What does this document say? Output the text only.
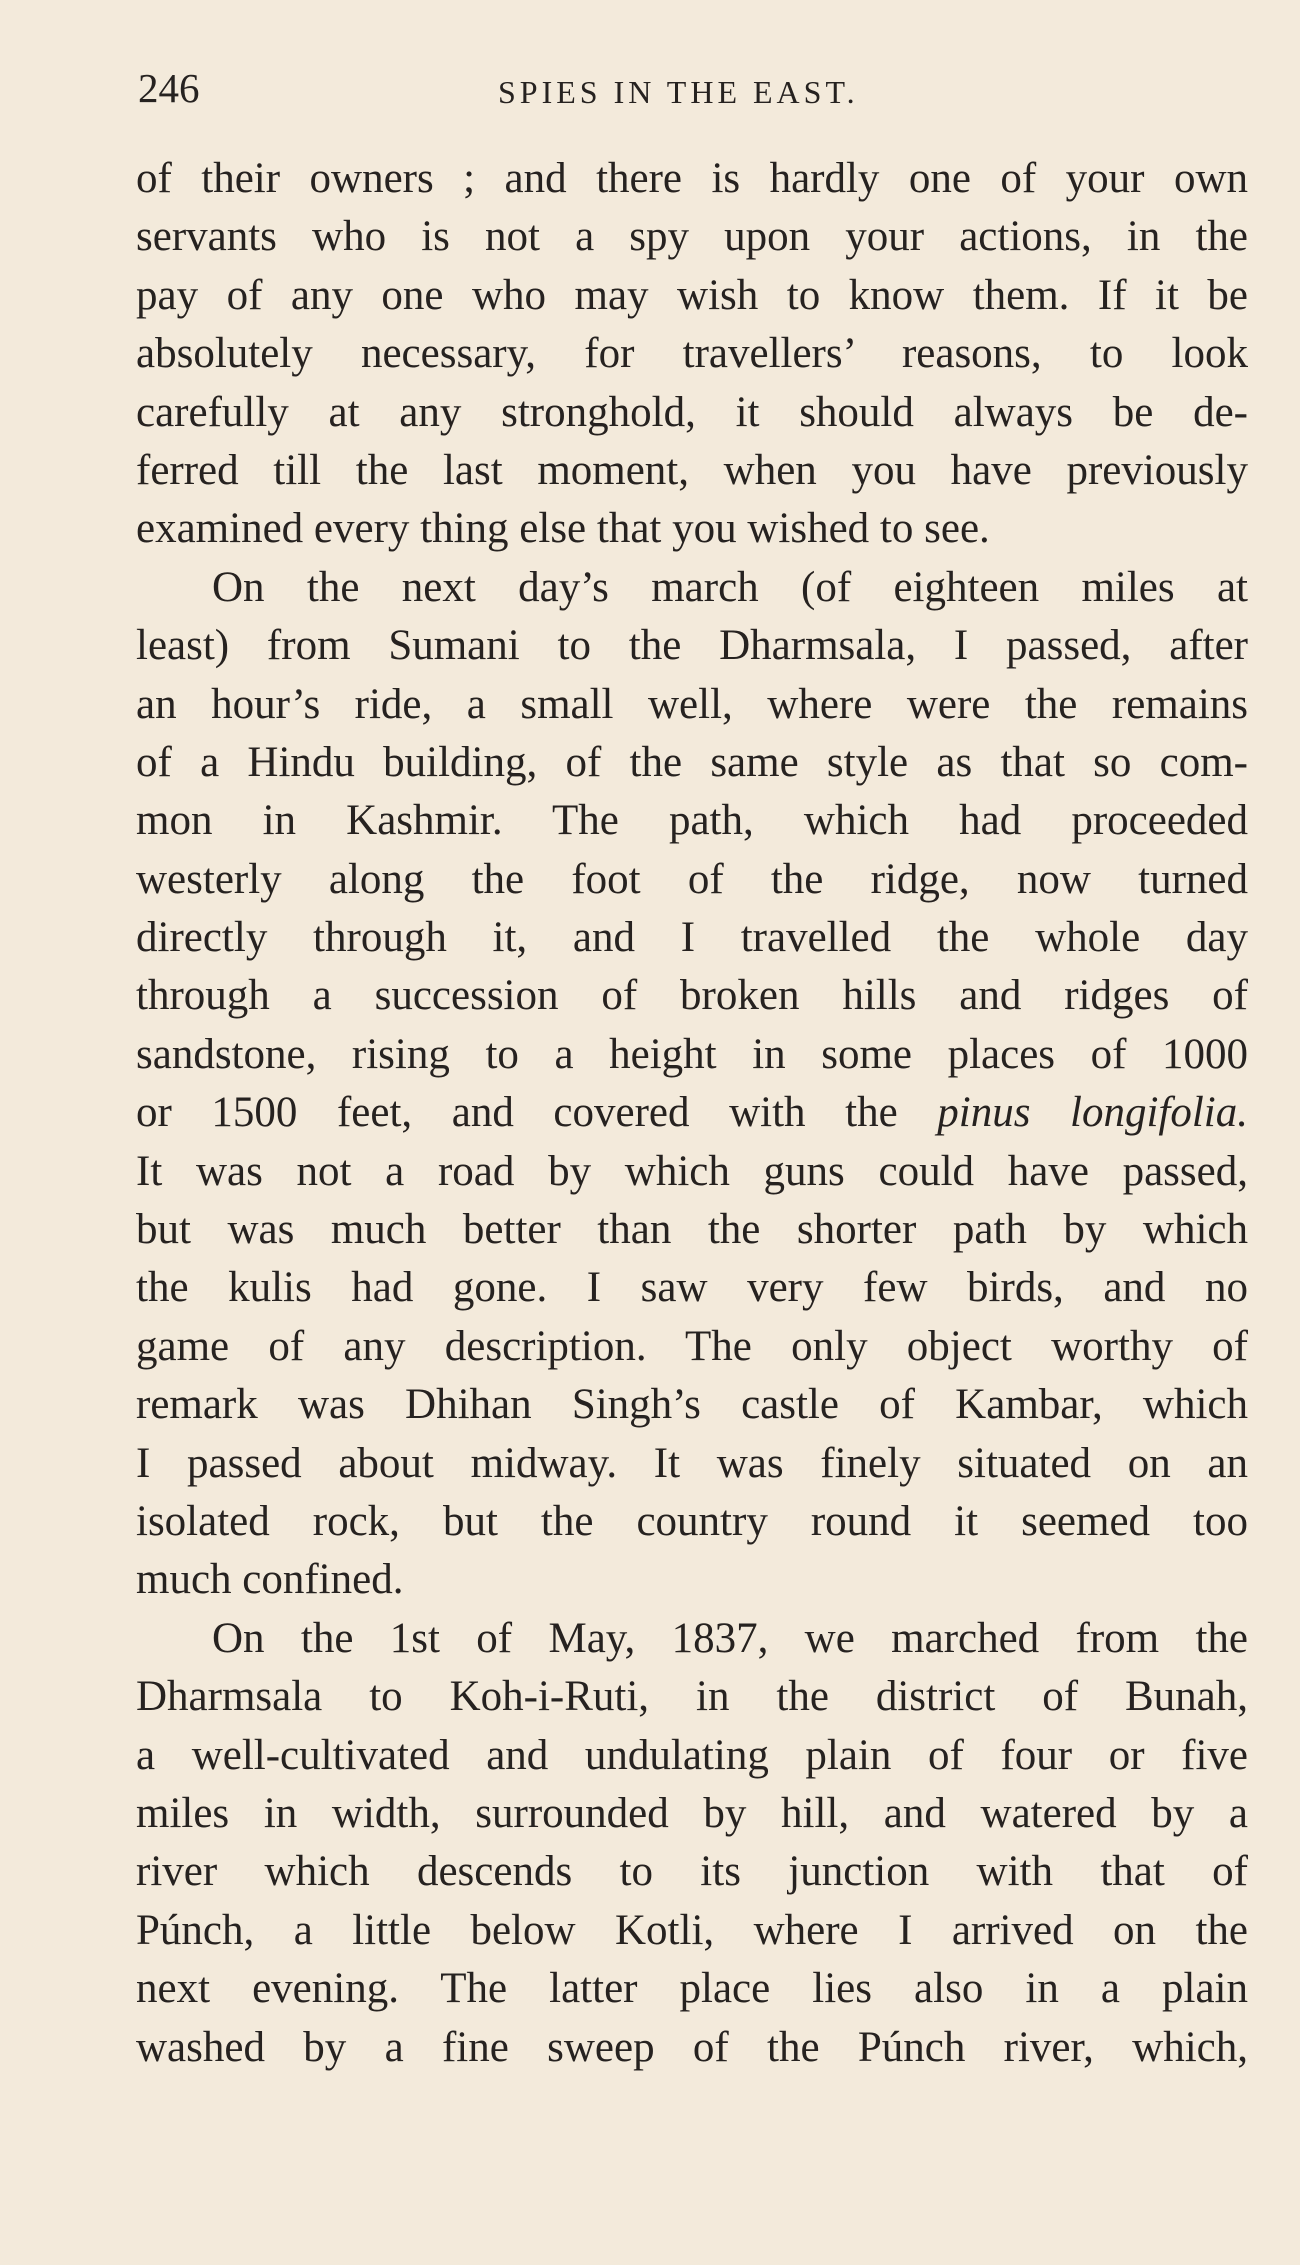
246	SPIES IN THE EAST.
of their owners ; and there is hardly one of your own
servants who is not a spy upon your actions, in the
pay of any one who may wish to know them. If it be
absolutely necessary, for travellers’ reasons, to look
carefully at any stronghold, it should always be de-
ferred till the last moment, when you have previously
examined every thing else that you wished to see.
On the next day’s march (of eighteen miles at
least) from Sumani to the Dharmsala, I passed, after
an hour’s ride, a small well, where were the remains
of a Hindu building, of the same style as that so com-
mon in Kashmir. The path, which had proceeded
westerly along the foot of the ridge, now turned
directly through it, and I travelled the whole day
through a succession of broken hills and ridges of
sandstone, rising to a height in some places of 1000
or 1500 feet, and covered with the pinus longifolia.
It was not a road by which guns could have passed,
but was much better than the shorter path by which
the kulis had gone. I saw very few birds, and no
game of any description. The only object worthy of
remark was Dhihan Singh’s castle of Kambar, which
I passed about midway. It was finely situated on an
isolated rock, but the country round it seemed too
much confined.
On the 1st of May, 1837, we marched from the
Dharmsala to Koh-i-Ruti, in the district of Bunah,
a well-cultivated and undulating plain of four or five
miles in width, surrounded by hill, and watered by a
river which descends to its junction with that of
Púnch, a little below Kotli, where I arrived on the
next evening. The latter place lies also in a plain
washed by a fine sweep of the Púnch river, which,
